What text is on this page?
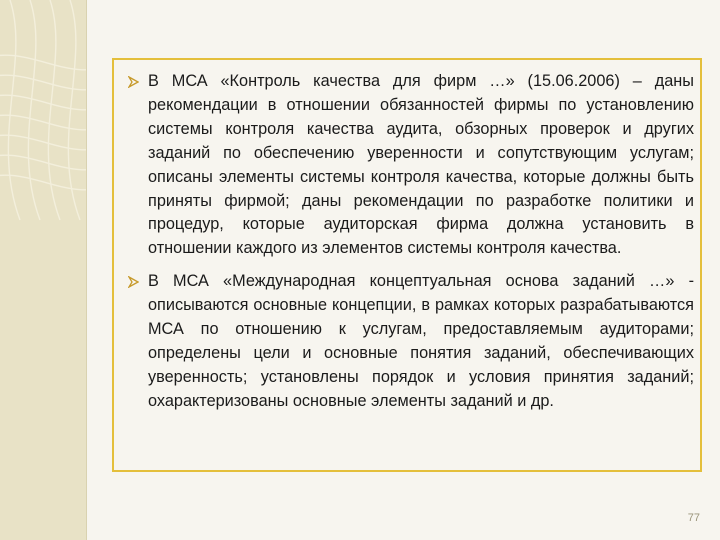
В МСА «Контроль качества для фирм …» (15.06.2006) – даны рекомендации в отношении обязанностей фирмы по установлению системы контроля качества аудита, обзорных проверок и других заданий по обеспечению уверенности и сопутствующим услугам; описаны элементы системы контроля качества, которые должны быть приняты фирмой; даны рекомендации по разработке политики и процедур, которые аудиторская фирма должна установить в отношении каждого из элементов системы контроля качества.
В МСА «Международная концептуальная основа заданий …» - описываются основные концепции, в рамках которых разрабатываются МСА по отношению к услугам, предоставляемым аудиторами; определены цели и основные понятия заданий, обеспечивающих уверенность; установлены порядок и условия принятия заданий; охарактеризованы основные элементы заданий и др.
77
